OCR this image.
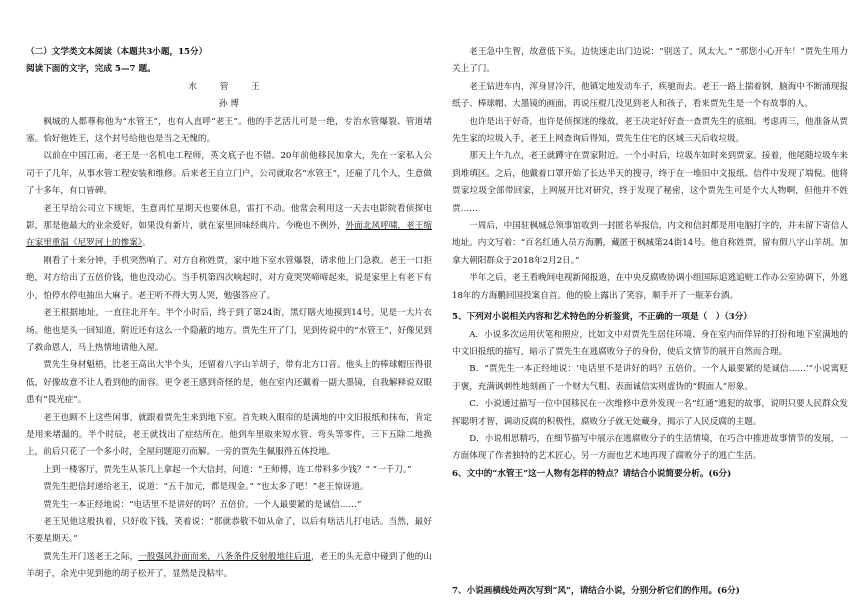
（二）文学类文本阅读（本题共3小题，15分）

阅读下面的文字，完成 5—7 题。

水 管 王

孙 博

枫城的人都尊称他为“水管王”，也有人直呼“老王”。他的手艺活儿可是一绝，专治水管爆裂、管道堵塞。恰好他姓王，这个封号给他也是当之无愧的。

以前在中国江南，老王是一名机电工程师，英文底子也不错。20年前他移民加拿大，先在一家私人公司干了几年，从事水管工程安装和维修。后来老王自立门户，公司就取名“水管王”，还雇了几个人，生意做了十多年，有口皆碑。

老王早给公司立下规矩，生意再忙星期天也要休息，雷打不动。他常会利用这一天去电影院看侦探电影，那是他最大的业余爱好，如果没有新片，就在家里回味经典片。今晚也不例外，外面北风呼啸，老王缩在家里重温《尼罗河上的惨案》。

刚看了十来分钟，手机突然响了。对方自称姓贾，家中地下室水管爆裂，请求他上门急救。老王一口拒绝，对方给出了五倍价钱，他也没动心。当手机第四次响起时，对方竟哭哭啼啼起来，说是家里上有老下有小，怕停水停电抽出大麻子。老王听不得大男人哭，勉强答应了。

老王根据地址，一直往北开车。半个小时后，终于到了第24街，黑灯瞎火地摸到14号。见是一大片衣场。他也是头一回知道，附近还有这么一个隐蔽的地方。贾先生开了门，见到传说中的“水管王”，好像见到了救命恩人，马上热情地请他入屋。

贾先生身材魁梧，比老王高出大半个头，还留着八字山羊胡子，带有北方口音。他头上的棒球帽压得很低，好像故意不让人看到他的面容。更令老王感到奇怪的是，他在室内还戴着一副大墨镜，自我解释说双眼患有“畏光症”。

老王也顾不上这些闲事，就跟着贾先生来到地下室。首先映入眼帘的是满地的中文旧报纸和抹布，肯定是用来堵漏的。半个时辰，老王就找出了症结所在。他到车里取来短水管、弯头等零件，三下五除二地换上，前后只花了一个多小时，全屋问题迎刃而解。一旁的贾先生佩服得五体投地。

上到一楼客厅，贾先生从茶几上拿起一个大信封，问道：“王师傅，连工带料多少钱？” “一千刀。”

贾先生把信封递给老王，说道：“五千加元，都是现金。” “也太多了吧！”老王惊讶道。

贾先生一本正经地说：“电话里不是讲好的吗？五倍价。一个人最要紧的是诚信……”

老王见他这般执着，只好收下钱，笑着说：“那就恭敬不如从命了，以后有啥活儿打电话。当然，最好不要星期天。”

贾先生开门送老王之际，一股强风扑面而来，八条条件反射般地往后退，老王的头无意中碰到了他的山羊胡子，余光中见到他的胡子松开了，显然是没粘牢。

老王急中生智，故意低下头，边快速走出门边说：“别送了，风太大。” “那您小心开车！”贾先生用力关上了门。

老王钻进车内，浑身冒冷汗，他镇定地发动车子，疾驰而去。老王一路上揣着钢，脑海中不断涌现报纸子、棒球帽、大墨镜的画面，再说压棍几没见到老人和孩子，看来贾先生是一个有故事的人。

也许是出于好奇，也许是侦探迷的缘故，老王决定好好查一查贾先生的底细。考虑再三，他准备从贾先生家的垃圾入手，老王上网查询后得知，贾先生住宅的区域三天后收垃圾。

那天上午九点，老王就蹲守在贾家附近。一个小时后，垃圾车如时来到贾家。接着，他尾随垃圾车来到堆填区。之后，他戴着口罩开始了长达半天的搜寻，终于在一堆旧中文报纸、信件中发现了端倪。他将贾家垃圾全部带回家，上网展开比对研究，终于发现了秘密，这个贾先生可是个大人物啊，但他并不姓贾……

一周后，中国驻枫城总领事馆收到一封匿名举报信，内文和信封都是用电脑打字的，并未留下寄信人地址。内文写着：“百名红通人员方海鹏，藏匿于枫城第24街14号。他自称姓贾，留有假八字山羊胡。加拿大朝阳群众于2018年2月2日。”

半年之后，老王看晚间电视新闻报道，在中央反腐败协调小组国际追逃追赃工作办公室协调下，外逃18年的方海鹏回国投案自首。他的脸上露出了笑容，顺手开了一瓶茅台酒。

5、下列对小说相关内容和艺术特色的分析鉴赏，不正确的一项是（　）（3分）

A．小说多次运用伏笔和照应，比如文中对贾先生居住环境、身在室内而佯异的打扮和地下室满地的中文旧报纸的描写，暗示了贾先生在逃腐败分子的身份，使后文情节的展开自然而合理。

B．“贾先生一本正经地说：‘电话里不是讲好的吗？五倍价。一个人最要紧的是诚信……’”小说寓贬于褒，充满讽刺性地刻画了一个财大气粗、表面诚信实则虚伪的“假面人”形象。

C．小说通过描写一位中国移民在一次维修中意外发现一名“红通”逃犯的故事，说明只要人民群众发挥聪明才智，调动反腐的积极性，腐败分子就无处藏身，揭示了人民反腐的主题。

D．小说相思精巧，在细节描写中展示在逃腐败分子的生活情境，在巧合中推进故事情节的发展，一方面体现了作者独特的艺术匠心，另一方面也艺术地再现了腐败分子的逃亡生活。

6、文中的“水管王”这一人物有怎样的特点？请结合小说简要分析。(6分)

7、小说画横线处两次写到“风”，请结合小说，分别分析它们的作用。(6分)
